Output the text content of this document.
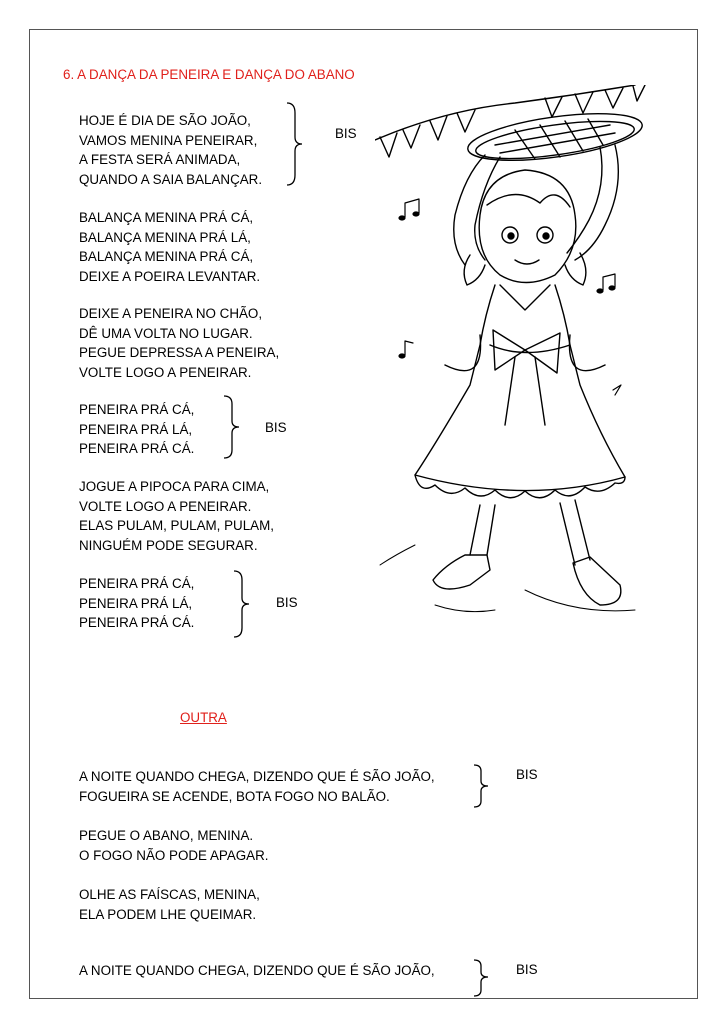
6. A DANÇA DA PENEIRA E DANÇA DO ABANO
HOJE É DIA DE SÃO JOÃO,
VAMOS MENINA PENEIRAR,
A FESTA SERÁ ANIMADA,
QUANDO A SAIA BALANÇAR.
BIS
BALANÇA MENINA PRÁ CÁ,
BALANÇA MENINA PRÁ LÁ,
BALANÇA MENINA PRÁ CÁ,
DEIXE A POEIRA LEVANTAR.
DEIXE A PENEIRA NO CHÃO,
DÊ UMA VOLTA NO LUGAR.
PEGUE DEPRESSA A PENEIRA,
VOLTE LOGO A PENEIRAR.
PENEIRA PRÁ CÁ,
PENEIRA PRÁ LÁ,
PENEIRA PRÁ CÁ.
BIS
JOGUE A PIPOCA PARA CIMA,
VOLTE LOGO A PENEIRAR.
ELAS PULAM, PULAM, PULAM,
NINGUÉM PODE SEGURAR.
PENEIRA PRÁ CÁ,
PENEIRA PRÁ LÁ,
PENEIRA PRÁ CÁ.
BIS
OUTRA
A NOITE QUANDO CHEGA, DIZENDO QUE É SÃO JOÃO,
FOGUEIRA SE ACENDE, BOTA FOGO NO BALÃO.
BIS
PEGUE O ABANO, MENINA.
O FOGO NÃO PODE APAGAR.
OLHE AS FAÍSCAS, MENINA,
ELA PODEM LHE QUEIMAR.
A NOITE QUANDO CHEGA, DIZENDO QUE É SÃO JOÃO,	BIS
